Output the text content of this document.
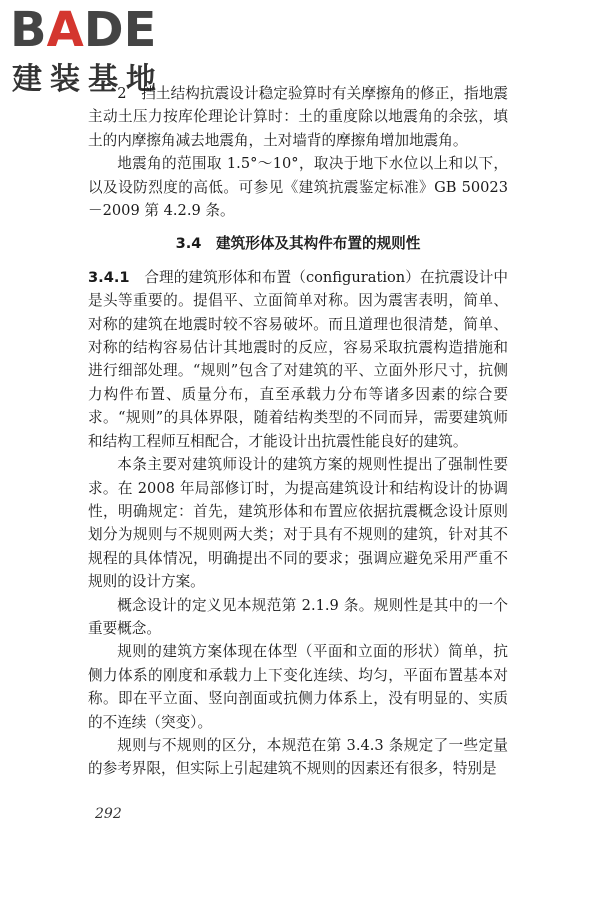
BADE
建装基地

2　挡土结构抗震设计稳定验算时有关摩擦角的修正，指地震主动土压力按库伦理论计算时：土的重度除以地震角的余弦，填土的内摩擦角减去地震角，土对墙背的摩擦角增加地震角。

地震角的范围取 1.5°～10°，取决于地下水位以上和以下，以及设防烈度的高低。可参见《建筑抗震鉴定标准》GB 50023－2009 第 4.2.9 条。

3.4　建筑形体及其构件布置的规则性

3.4.1　合理的建筑形体和布置（configuration）在抗震设计中是头等重要的。提倡平、立面简单对称。因为震害表明，简单、对称的建筑在地震时较不容易破坏。而且道理也很清楚，简单、对称的结构容易估计其地震时的反应，容易采取抗震构造措施和进行细部处理。“规则”包含了对建筑的平、立面外形尺寸，抗侧力构件布置、质量分布，直至承载力分布等诸多因素的综合要求。“规则”的具体界限，随着结构类型的不同而异，需要建筑师和结构工程师互相配合，才能设计出抗震性能良好的建筑。

本条主要对建筑师设计的建筑方案的规则性提出了强制性要求。在 2008 年局部修订时，为提高建筑设计和结构设计的协调性，明确规定：首先，建筑形体和布置应依据抗震概念设计原则划分为规则与不规则两大类；对于具有不规则的建筑，针对其不规程的具体情况，明确提出不同的要求；强调应避免采用严重不规则的设计方案。

概念设计的定义见本规范第 2.1.9 条。规则性是其中的一个重要概念。

规则的建筑方案体现在体型（平面和立面的形状）简单，抗侧力体系的刚度和承载力上下变化连续、均匀，平面布置基本对称。即在平立面、竖向剖面或抗侧力体系上，没有明显的、实质的不连续（突变）。

规则与不规则的区分，本规范在第 3.4.3 条规定了一些定量的参考界限，但实际上引起建筑不规则的因素还有很多，特别是

292
